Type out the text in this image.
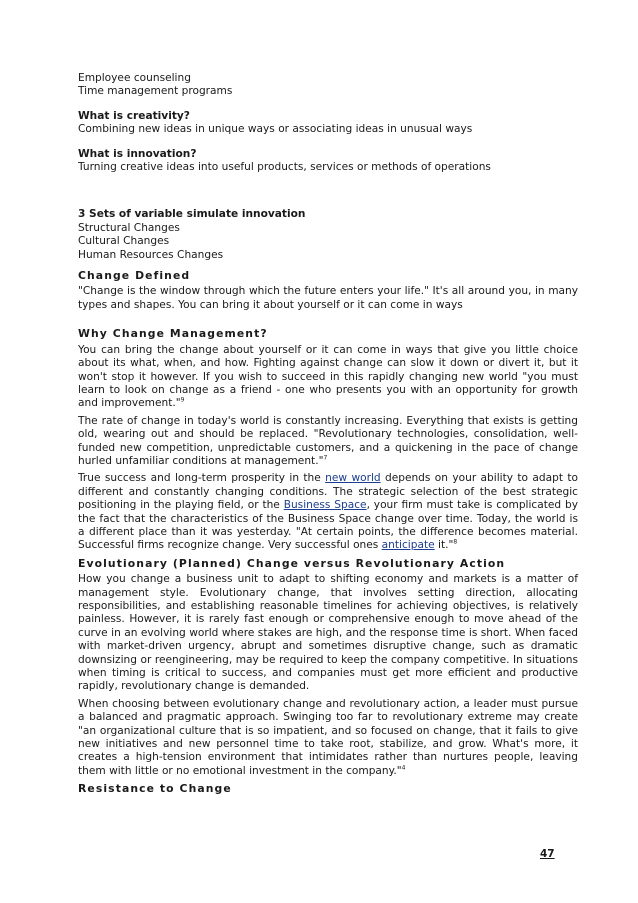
Employee counseling
Time management programs
What is creativity?
Combining new ideas in unique ways or associating ideas in unusual ways
What is innovation?
Turning creative ideas into useful products, services or methods of operations
3 Sets of variable simulate innovation
Structural Changes
Cultural Changes
Human Resources Changes
Change Defined

"Change is the window through which the future enters your life." It's all around you, in many types and shapes. You can bring it about yourself or it can come in ways

Why Change Management?

You can bring the change about yourself or it can come in ways that give you little choice about its what, when, and how. Fighting against change can slow it down or divert it, but it won't stop it however. If you wish to succeed in this rapidly changing new world "you must learn to look on change as a friend - one who presents you with an opportunity for growth and improvement."$^9$

The rate of change in today's world is constantly increasing. Everything that exists is getting old, wearing out and should be replaced. "Revolutionary technologies, consolidation, well-funded new competition, unpredictable customers, and a quickening in the pace of change hurled unfamiliar conditions at management."$^7$

True success and long-term prosperity in the new world depends on your ability to adapt to different and constantly changing conditions. The strategic selection of the best strategic positioning in the playing field, or the Business Space, your firm must take is complicated by the fact that the characteristics of the Business Space change over time. Today, the world is a different place than it was yesterday. "At certain points, the difference becomes material. Successful firms recognize change. Very successful ones anticipate it."$^8$

Evolutionary (Planned) Change versus Revolutionary Action

How you change a business unit to adapt to shifting economy and markets is a matter of management style. Evolutionary change, that involves setting direction, allocating responsibilities, and establishing reasonable timelines for achieving objectives, is relatively painless. However, it is rarely fast enough or comprehensive enough to move ahead of the curve in an evolving world where stakes are high, and the response time is short. When faced with market-driven urgency, abrupt and sometimes disruptive change, such as dramatic downsizing or reengineering, may be required to keep the company competitive. In situations when timing is critical to success, and companies must get more efficient and productive rapidly, revolutionary change is demanded.

When choosing between evolutionary change and revolutionary action, a leader must pursue a balanced and pragmatic approach. Swinging too far to revolutionary extreme may create "an organizational culture that is so impatient, and so focused on change, that it fails to give new initiatives and new personnel time to take root, stabilize, and grow. What's more, it creates a high-tension environment that intimidates rather than nurtures people, leaving them with little or no emotional investment in the company."$^4$

Resistance to Change
47
